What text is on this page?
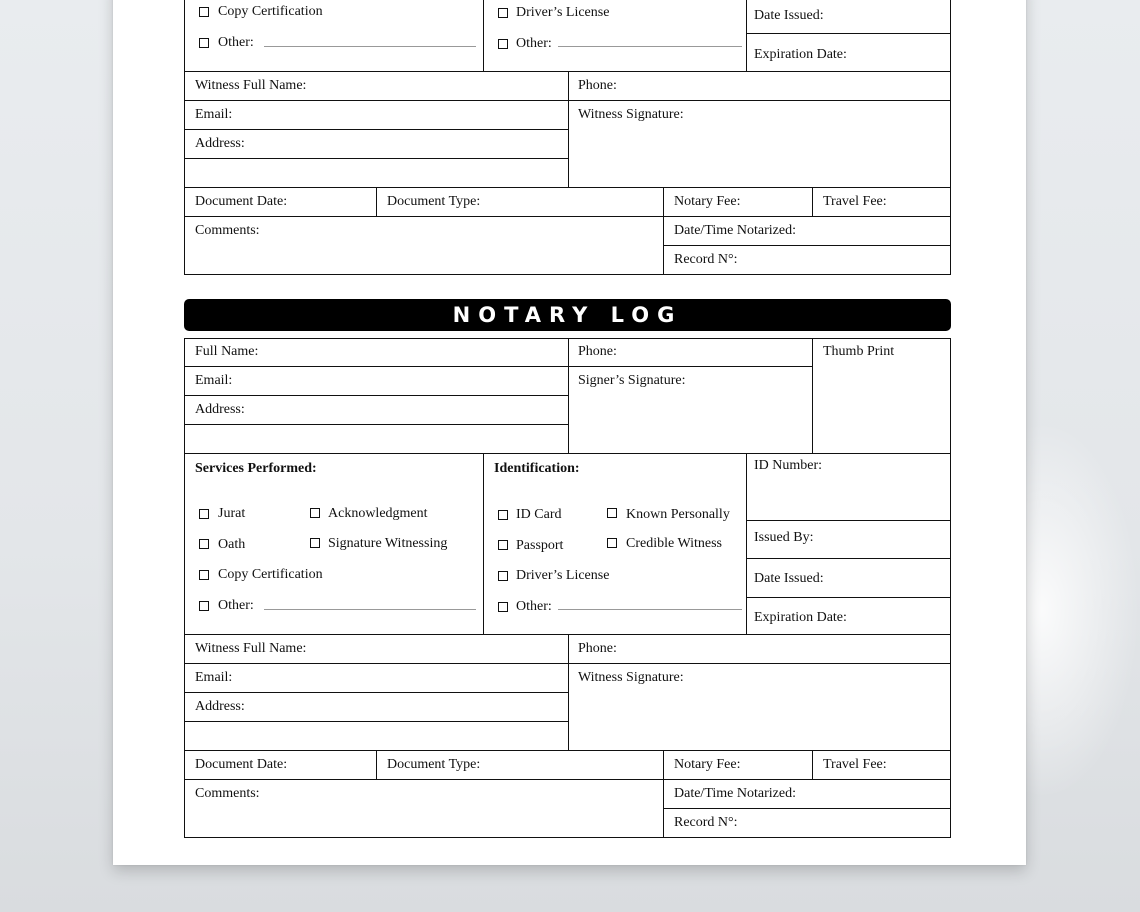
Copy Certification
Other:
Driver’s License
Other:
Date Issued:
Expiration Date:
Witness Full Name:	Phone:
Email:	Witness Signature:
Address:
Document Date:	Document Type:	Notary Fee:	Travel Fee:
Comments:	Date/Time Notarized:
Record N°:
NOTARY LOG
Full Name:	Phone:	Thumb Print
Email:	Signer’s Signature:
Address:
Services Performed:
Jurat	Acknowledgment
Oath	Signature Witnessing
Copy Certification
Other:
Identification:
ID Card	Known Personally
Passport	Credible Witness
Driver’s License
Other:
ID Number:
Issued By:
Date Issued:
Expiration Date:
Witness Full Name:	Phone:
Email:	Witness Signature:
Address:
Document Date:	Document Type:	Notary Fee:	Travel Fee:
Comments:	Date/Time Notarized:
Record N°:
